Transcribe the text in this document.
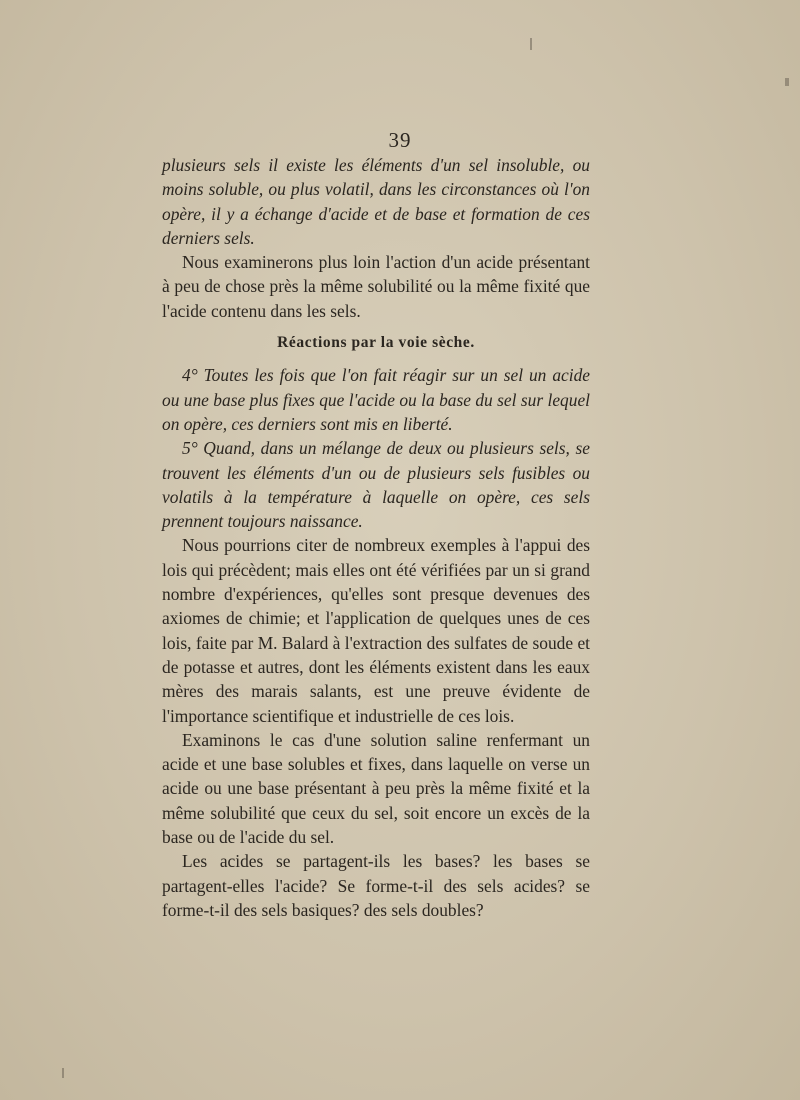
39

plusieurs sels il existe les éléments d'un sel insoluble, ou moins soluble, ou plus volatil, dans les circonstances où l'on opère, il y a échange d'acide et de base et formation de ces derniers sels.

Nous examinerons plus loin l'action d'un acide présentant à peu de chose près la même solubilité ou la même fixité que l'acide contenu dans les sels.

Réactions par la voie sèche.

4° Toutes les fois que l'on fait réagir sur un sel un acide ou une base plus fixes que l'acide ou la base du sel sur lequel on opère, ces derniers sont mis en liberté.

5° Quand, dans un mélange de deux ou plusieurs sels, se trouvent les éléments d'un ou de plusieurs sels fusibles ou volatils à la température à laquelle on opère, ces sels prennent toujours naissance.

Nous pourrions citer de nombreux exemples à l'appui des lois qui précèdent; mais elles ont été vérifiées par un si grand nombre d'expériences, qu'elles sont presque devenues des axiomes de chimie; et l'application de quelques unes de ces lois, faite par M. Balard à l'extraction des sulfates de soude et de potasse et autres, dont les éléments existent dans les eaux mères des marais salants, est une preuve évidente de l'importance scientifique et industrielle de ces lois.

Examinons le cas d'une solution saline renfermant un acide et une base solubles et fixes, dans laquelle on verse un acide ou une base présentant à peu près la même fixité et la même solubilité que ceux du sel, soit encore un excès de la base ou de l'acide du sel.

Les acides se partagent-ils les bases? les bases se partagent-elles l'acide? Se forme-t-il des sels acides? se forme-t-il des sels basiques? des sels doubles?
